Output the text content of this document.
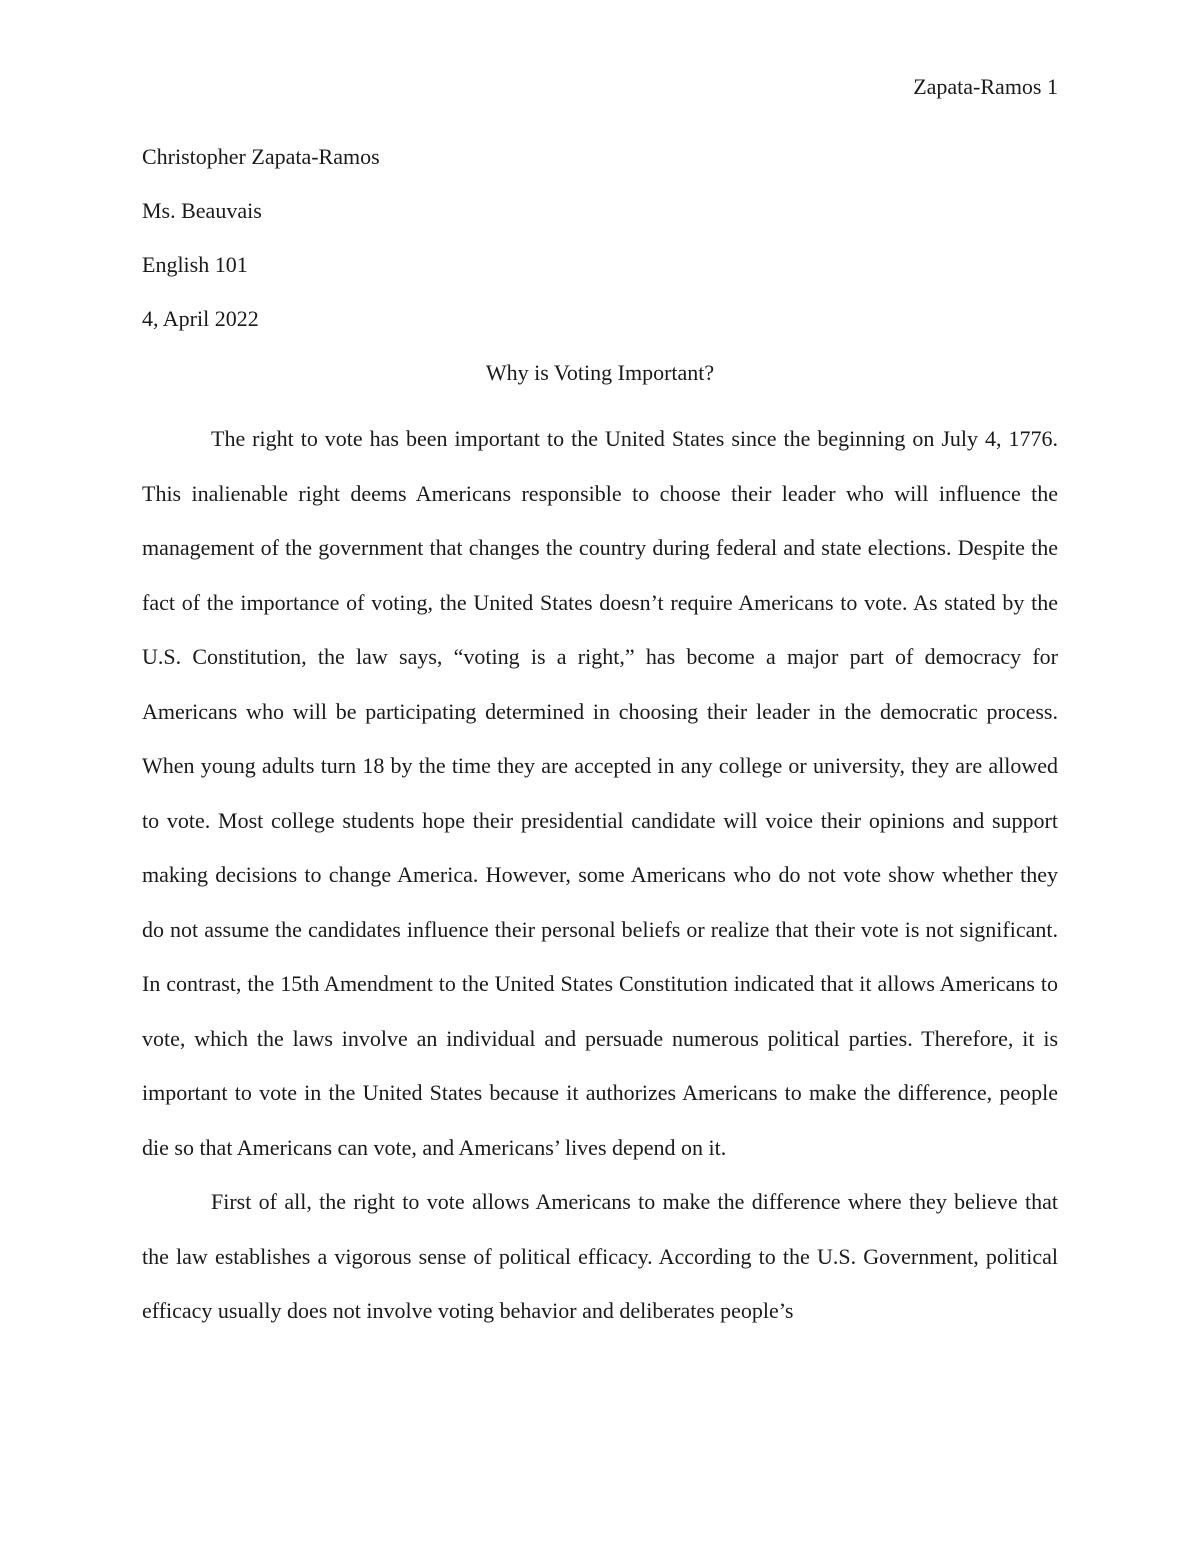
Zapata-Ramos 1
Christopher Zapata-Ramos
Ms. Beauvais
English 101
4, April 2022
Why is Voting Important?

The right to vote has been important to the United States since the beginning on July 4, 1776. This inalienable right deems Americans responsible to choose their leader who will influence the management of the government that changes the country during federal and state elections. Despite the fact of the importance of voting, the United States doesn’t require Americans to vote. As stated by the U.S. Constitution, the law says, “voting is a right,” has become a major part of democracy for Americans who will be participating determined in choosing their leader in the democratic process. When young adults turn 18 by the time they are accepted in any college or university, they are allowed to vote. Most college students hope their presidential candidate will voice their opinions and support making decisions to change America. However, some Americans who do not vote show whether they do not assume the candidates influence their personal beliefs or realize that their vote is not significant. In contrast, the 15th Amendment to the United States Constitution indicated that it allows Americans to vote, which the laws involve an individual and persuade numerous political parties. Therefore, it is important to vote in the United States because it authorizes Americans to make the difference, people die so that Americans can vote, and Americans’ lives depend on it.

First of all, the right to vote allows Americans to make the difference where they believe that the law establishes a vigorous sense of political efficacy. According to the U.S. Government, political efficacy usually does not involve voting behavior and deliberates people’s
